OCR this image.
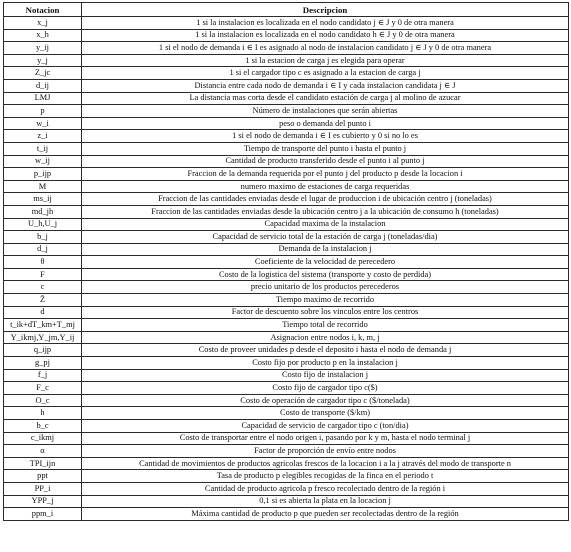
Notacion	Descripcion
x_j	1 si la instalacion es localizada en el nodo candidato j ∈ J y 0 de otra manera
x_h	1 si la instalacion es localizada en el nodo candidato h ∈ J y 0 de otra manera
y_ij	1 si el nodo de demanda i ∈ I es asignado al nodo de instalacion candidato j ∈ J y 0 de otra manera
y_j	1 si la estacion de carga j es elegida para operar
Z_jc	1 si el cargador tipo c es asignado a la estacion de carga j
d_ij	Distancia entre cada nodo de demanda i ∈ I y cada instalacion candidata j ∈ J
LMJ	La distancia mas corta desde el candidato estación de carga j al molino de azucar
p	Número de instalaciones que serán abiertas
w_i	peso o demanda del punto i
z_i	1 si el nodo de demanda i ∈ I es cubierto y 0 si no lo es
t_ij	Tiempo de transporte del punto i hasta el punto j
w_ij	Cantidad de producto transferido desde el punto i al punto j
p_ijp	Fraccion de la demanda requerida por el punto j del producto p desde la locacion i
M	numero maximo de estaciones de carga requeridas
ms_ij	Fraccion de las cantidades enviadas desde el lugar de produccion i de ubicación centro j (toneladas)
md_jh	Fraccion de las cantidades enviadas desde la ubicación centro j a la ubicación de consumo h (toneladas)
U_h,U_j	Capacidad maxima de la instalacion
b_j	Capacidad de servicio total de la estación de carga j (toneladas/dia)
d_j	Demanda de la instalacion j
θ	Coeficiente de la velocidad de perecedero
F	Costo de la logistica del sistema (transporte y costo de perdida)
c	precio unitario de los productos perecederos
Z̄	Tiempo maximo de recorrido
d	Factor de descuento sobre los vinculos entre los centros
t_ik+dT_km+T_mj	Tiempo total de recorrido
Y_ikmj,Y_jm,Y_ij	Asignacion entre nodos i, k, m, j
q_ijp	Costo de proveer unidades p desde el deposito i hasta el nodo de demanda j
g_pj	Costo fijo por producto p en la instalacion j
f_j	Costo fijo de instalacion j
F_c	Costo fijo de cargador tipo c($)
O_c	Costo de operación de cargador tipo c ($/tonelada)
h	Costo de transporte ($/km)
b_c	Capacidad de servicio de cargador tipo c (ton/dia)
c_ikmj	Costo de transportar entre el nodo origen i, pasando por k y m, hasta el nodo terminal j
α	Factor de proporción de envío entre nodos
TPI_ijn	Cantidad de movimientos de productos agricolas frescos de la locacion i a la j através del modo de transporte n
ppt	Tasa de producto p elegibles recogidas de la finca en el periodo t
PP_i	Cantidad de producto agricola p fresco recolectado dentro de la región i
YPP_j	0,1 si es abierta la plata en la locacion j
ppm_i	Máxima cantidad de producto p que pueden ser recolectadas dentro de la región
